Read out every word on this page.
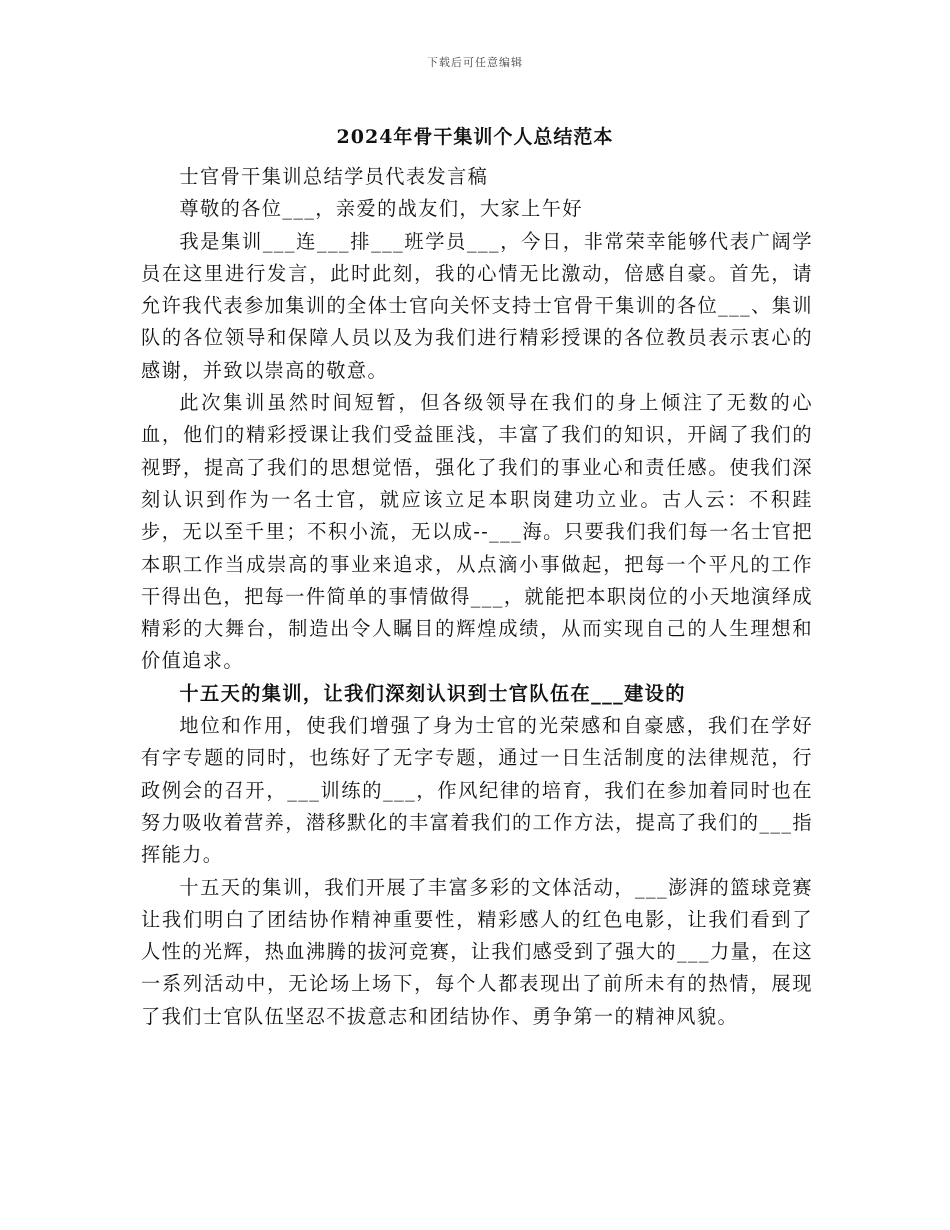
下载后可任意编辑
2024年骨干集训个人总结范本

士官骨干集训总结学员代表发言稿

尊敬的各位___，亲爱的战友们，大家上午好

我是集训___连___排___班学员___，今日，非常荣幸能够代表广阔学员在这里进行发言，此时此刻，我的心情无比激动，倍感自豪。首先，请允许我代表参加集训的全体士官向关怀支持士官骨干集训的各位___、集训队的各位领导和保障人员以及为我们进行精彩授课的各位教员表示衷心的感谢，并致以崇高的敬意。

此次集训虽然时间短暂，但各级领导在我们的身上倾注了无数的心血，他们的精彩授课让我们受益匪浅，丰富了我们的知识，开阔了我们的视野，提高了我们的思想觉悟，强化了我们的事业心和责任感。使我们深刻认识到作为一名士官，就应该立足本职岗建功立业。古人云：不积跬步，无以至千里；不积小流，无以成--___海。只要我们我们每一名士官把本职工作当成崇高的事业来追求，从点滴小事做起，把每一个平凡的工作干得出色，把每一件简单的事情做得___，就能把本职岗位的小天地演绎成精彩的大舞台，制造出令人瞩目的辉煌成绩，从而实现自己的人生理想和价值追求。

十五天的集训，让我们深刻认识到士官队伍在___建设的

地位和作用，使我们增强了身为士官的光荣感和自豪感，我们在学好有字专题的同时，也练好了无字专题，通过一日生活制度的法律规范，行政例会的召开，___训练的___，作风纪律的培育，我们在参加着同时也在努力吸收着营养，潜移默化的丰富着我们的工作方法，提高了我们的___指挥能力。

十五天的集训，我们开展了丰富多彩的文体活动，___澎湃的篮球竞赛让我们明白了团结协作精神重要性，精彩感人的红色电影，让我们看到了人性的光辉，热血沸腾的拔河竞赛，让我们感受到了强大的___力量，在这一系列活动中，无论场上场下，每个人都表现出了前所未有的热情，展现了我们士官队伍坚忍不拔意志和团结协作、勇争第一的精神风貌。
